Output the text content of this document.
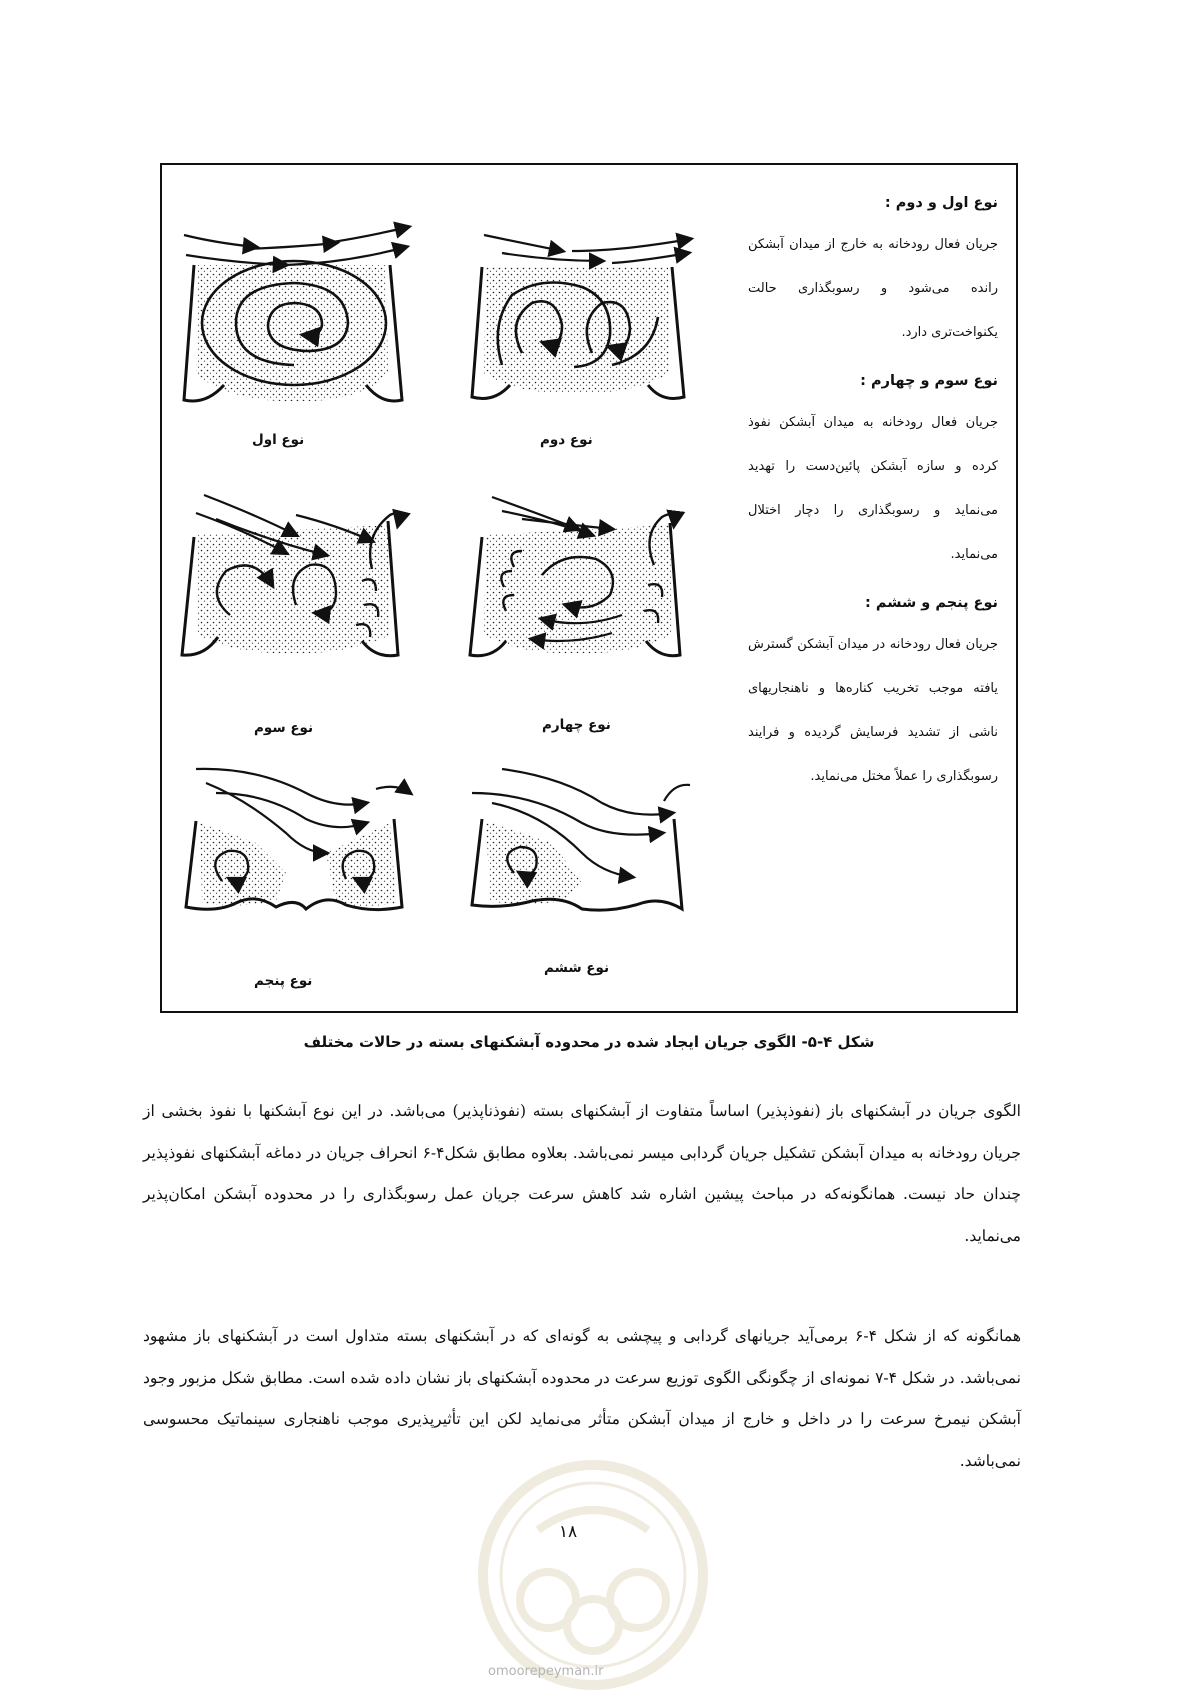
نوع اول و دوم :

جریان فعال رودخانه به خارج از میدان آبشکن رانده می‌شود و رسوبگذاری حالت یکنواخت‌تری دارد.

نوع سوم و چهارم :

جریان فعال رودخانه به میدان آبشکن نفوذ کرده و سازه آبشکن پائین‌دست را تهدید می‌نماید و رسوبگذاری را دچار اختلال می‌نماید.

نوع پنجم و ششم :

جریان فعال رودخانه در میدان آبشکن گسترش یافته موجب تخریب کناره‌ها و ناهنجاریهای ناشی از تشدید فرسایش گردیده و فرایند رسوبگذاری را عملاً مختل می‌نماید.

نوع اول	نوع دوم
نوع سوم	نوع چهارم
نوع پنجم
نوع ششم
شکل ۴-۵- الگوی جریان ایجاد شده در محدوده آبشکنهای بسته در حالات مختلف

الگوی جریان در آبشکنهای باز (نفوذپذیر) اساساً متفاوت از آبشکنهای بسته (نفوذناپذیر) می‌باشد. در این نوع آبشکنها با نفوذ بخشی از جریان رودخانه به میدان آبشکن تشکیل جریان گردابی میسر نمی‌باشد. بعلاوه مطابق شکل۴-۶ انحراف جریان در دماغه آبشکنهای نفوذپذیر چندان حاد نیست. همانگونه‌که در مباحث پیشین اشاره شد کاهش سرعت جریان عمل رسوبگذاری را در محدوده آبشکن امکان‌پذیر می‌نماید.

همانگونه که از شکل ۴-۶ برمی‌آید جریانهای گردابی و پیچشی به گونه‌ای که در آبشکنهای بسته متداول است در آبشکنهای باز مشهود نمی‌باشد. در شکل ۴-۷ نمونه‌ای از چگونگی الگوی توزیع سرعت در محدوده آبشکنهای باز نشان داده شده است. مطابق شکل مزبور وجود آبشکن نیمرخ سرعت را در داخل و خارج از میدان آبشکن متأثر می‌نماید لکن این تأثیرپذیری موجب ناهنجاری سینماتیک محسوسی نمی‌باشد.

۱۸
omoorepeyman.ir
